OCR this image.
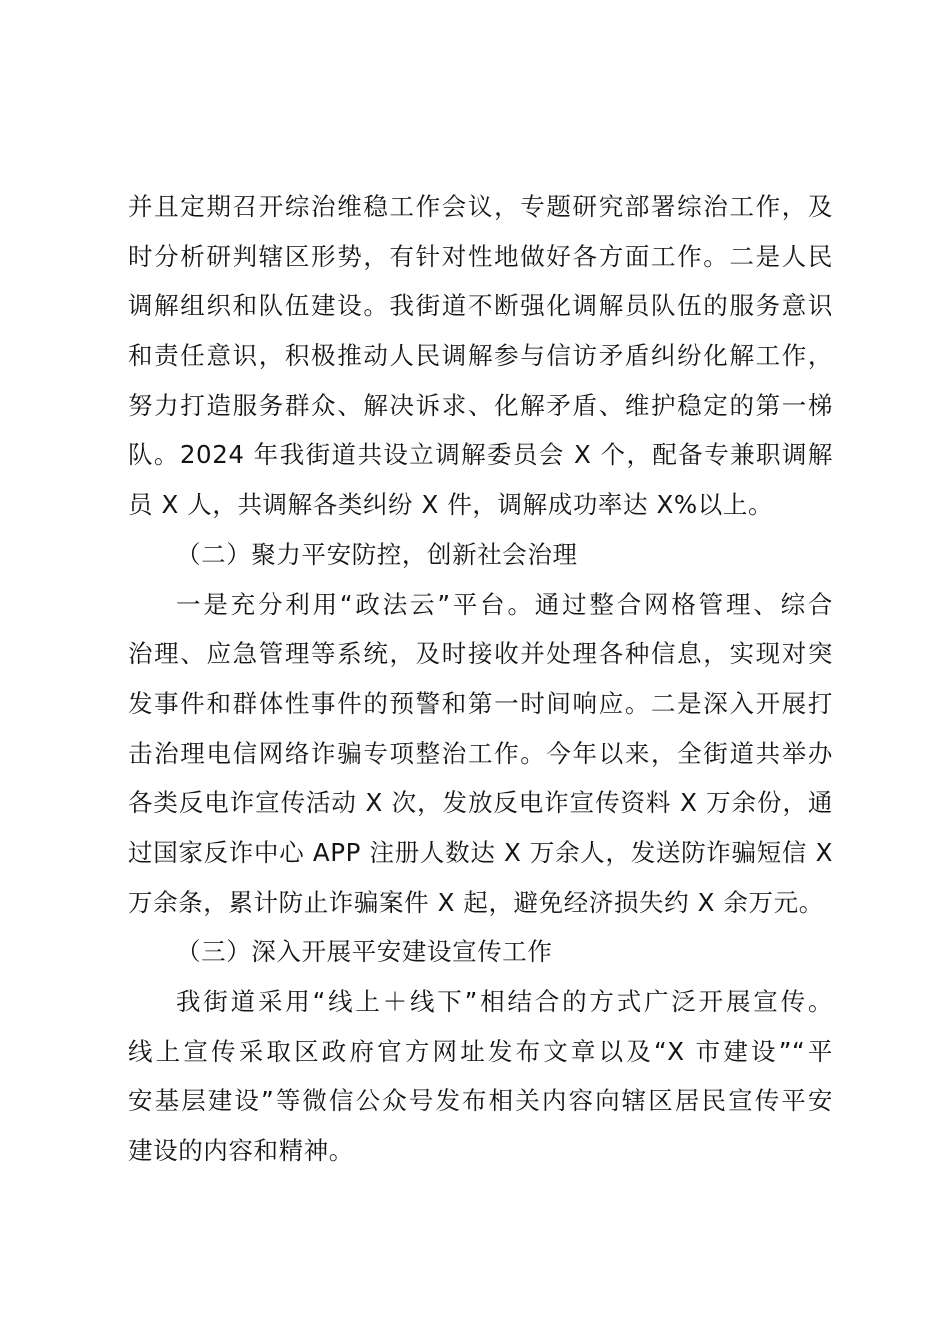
并且定期召开综治维稳工作会议，专题研究部署综治工作，及
时分析研判辖区形势，有针对性地做好各方面工作。二是人民
调解组织和队伍建设。我街道不断强化调解员队伍的服务意识
和责任意识，积极推动人民调解参与信访矛盾纠纷化解工作，
努力打造服务群众、解决诉求、化解矛盾、维护稳定的第一梯
队。2024 年我街道共设立调解委员会 X 个，配备专兼职调解
员 X 人，共调解各类纠纷 X 件，调解成功率达 X%以上。

（二）聚力平安防控，创新社会治理

一是充分利用“政法云”平台。通过整合网格管理、综合
治理、应急管理等系统，及时接收并处理各种信息，实现对突
发事件和群体性事件的预警和第一时间响应。二是深入开展打
击治理电信网络诈骗专项整治工作。今年以来，全街道共举办
各类反电诈宣传活动 X 次，发放反电诈宣传资料 X 万余份，通
过国家反诈中心 APP 注册人数达 X 万余人，发送防诈骗短信 X
万余条，累计防止诈骗案件 X 起，避免经济损失约 X 余万元。

（三）深入开展平安建设宣传工作

我街道采用“线上＋线下”相结合的方式广泛开展宣传。
线上宣传采取区政府官方网址发布文章以及“X 市建设”“平
安基层建设”等微信公众号发布相关内容向辖区居民宣传平安
建设的内容和精神。
